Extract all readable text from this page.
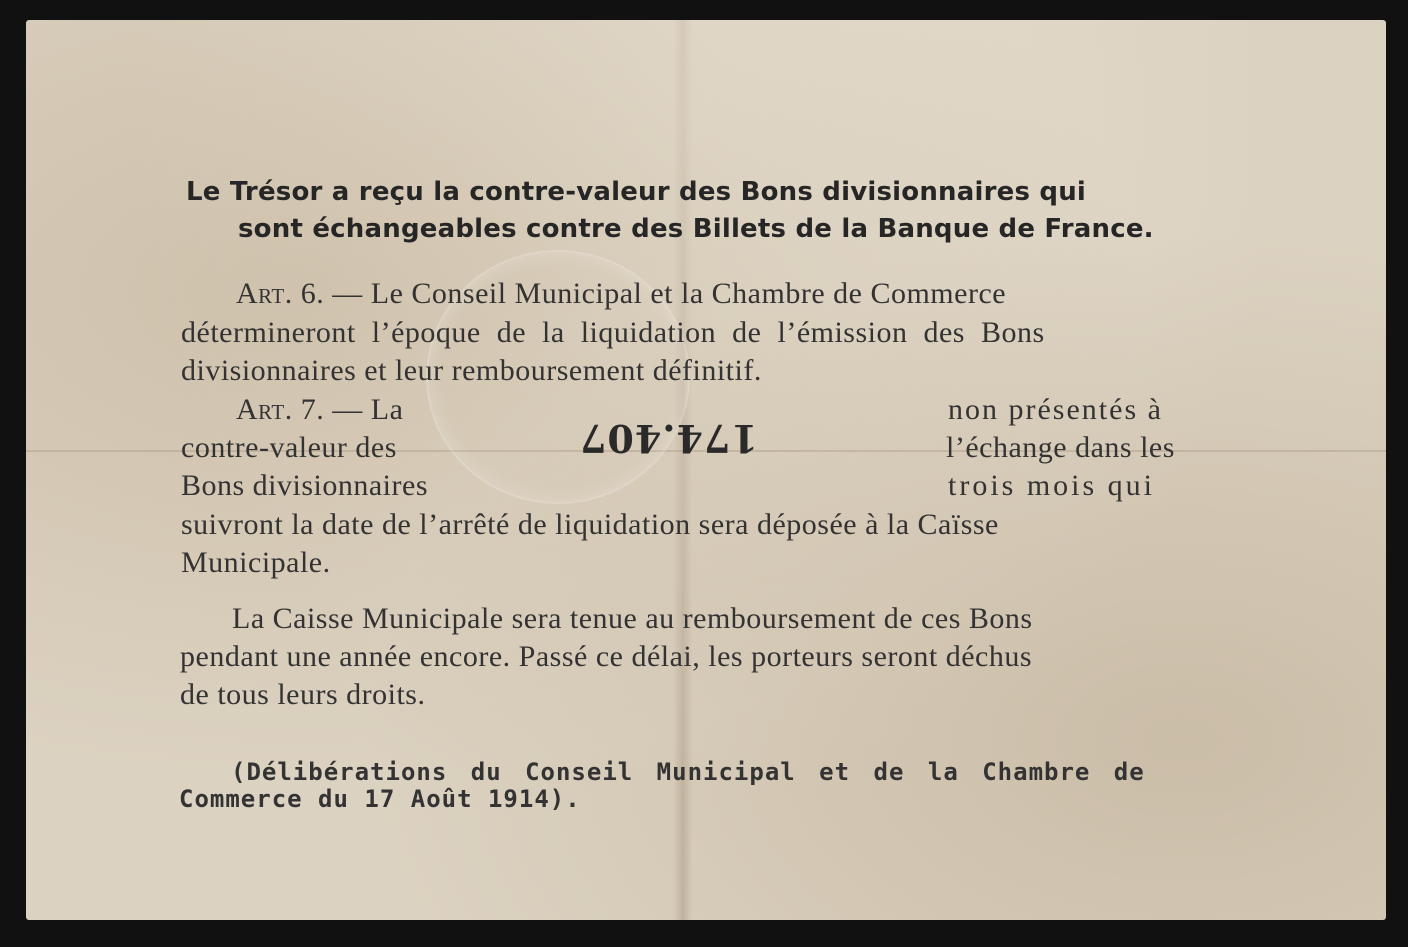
Le Trésor a reçu la contre-valeur des Bons divisionnaires qui
sont échangeables contre des Billets de la Banque de France.
Art. 6. — Le Conseil Municipal et la Chambre de Commerce
détermineront l’époque de la liquidation de l’émission des Bons
divisionnaires et leur remboursement définitif.
Art. 7. — La
contre-valeur des
Bons divisionnaires
non présentés à
l’échange dans les
trois mois qui
174.407
suivront la date de l’arrêté de liquidation sera déposée à la Caïsse
Municipale.
La Caisse Municipale sera tenue au remboursement de ces Bons
pendant une année encore. Passé ce délai, les porteurs seront déchus
de tous leurs droits.
(Délibérations du Conseil Municipal et de la Chambre de
Commerce du 17 Août 1914).
